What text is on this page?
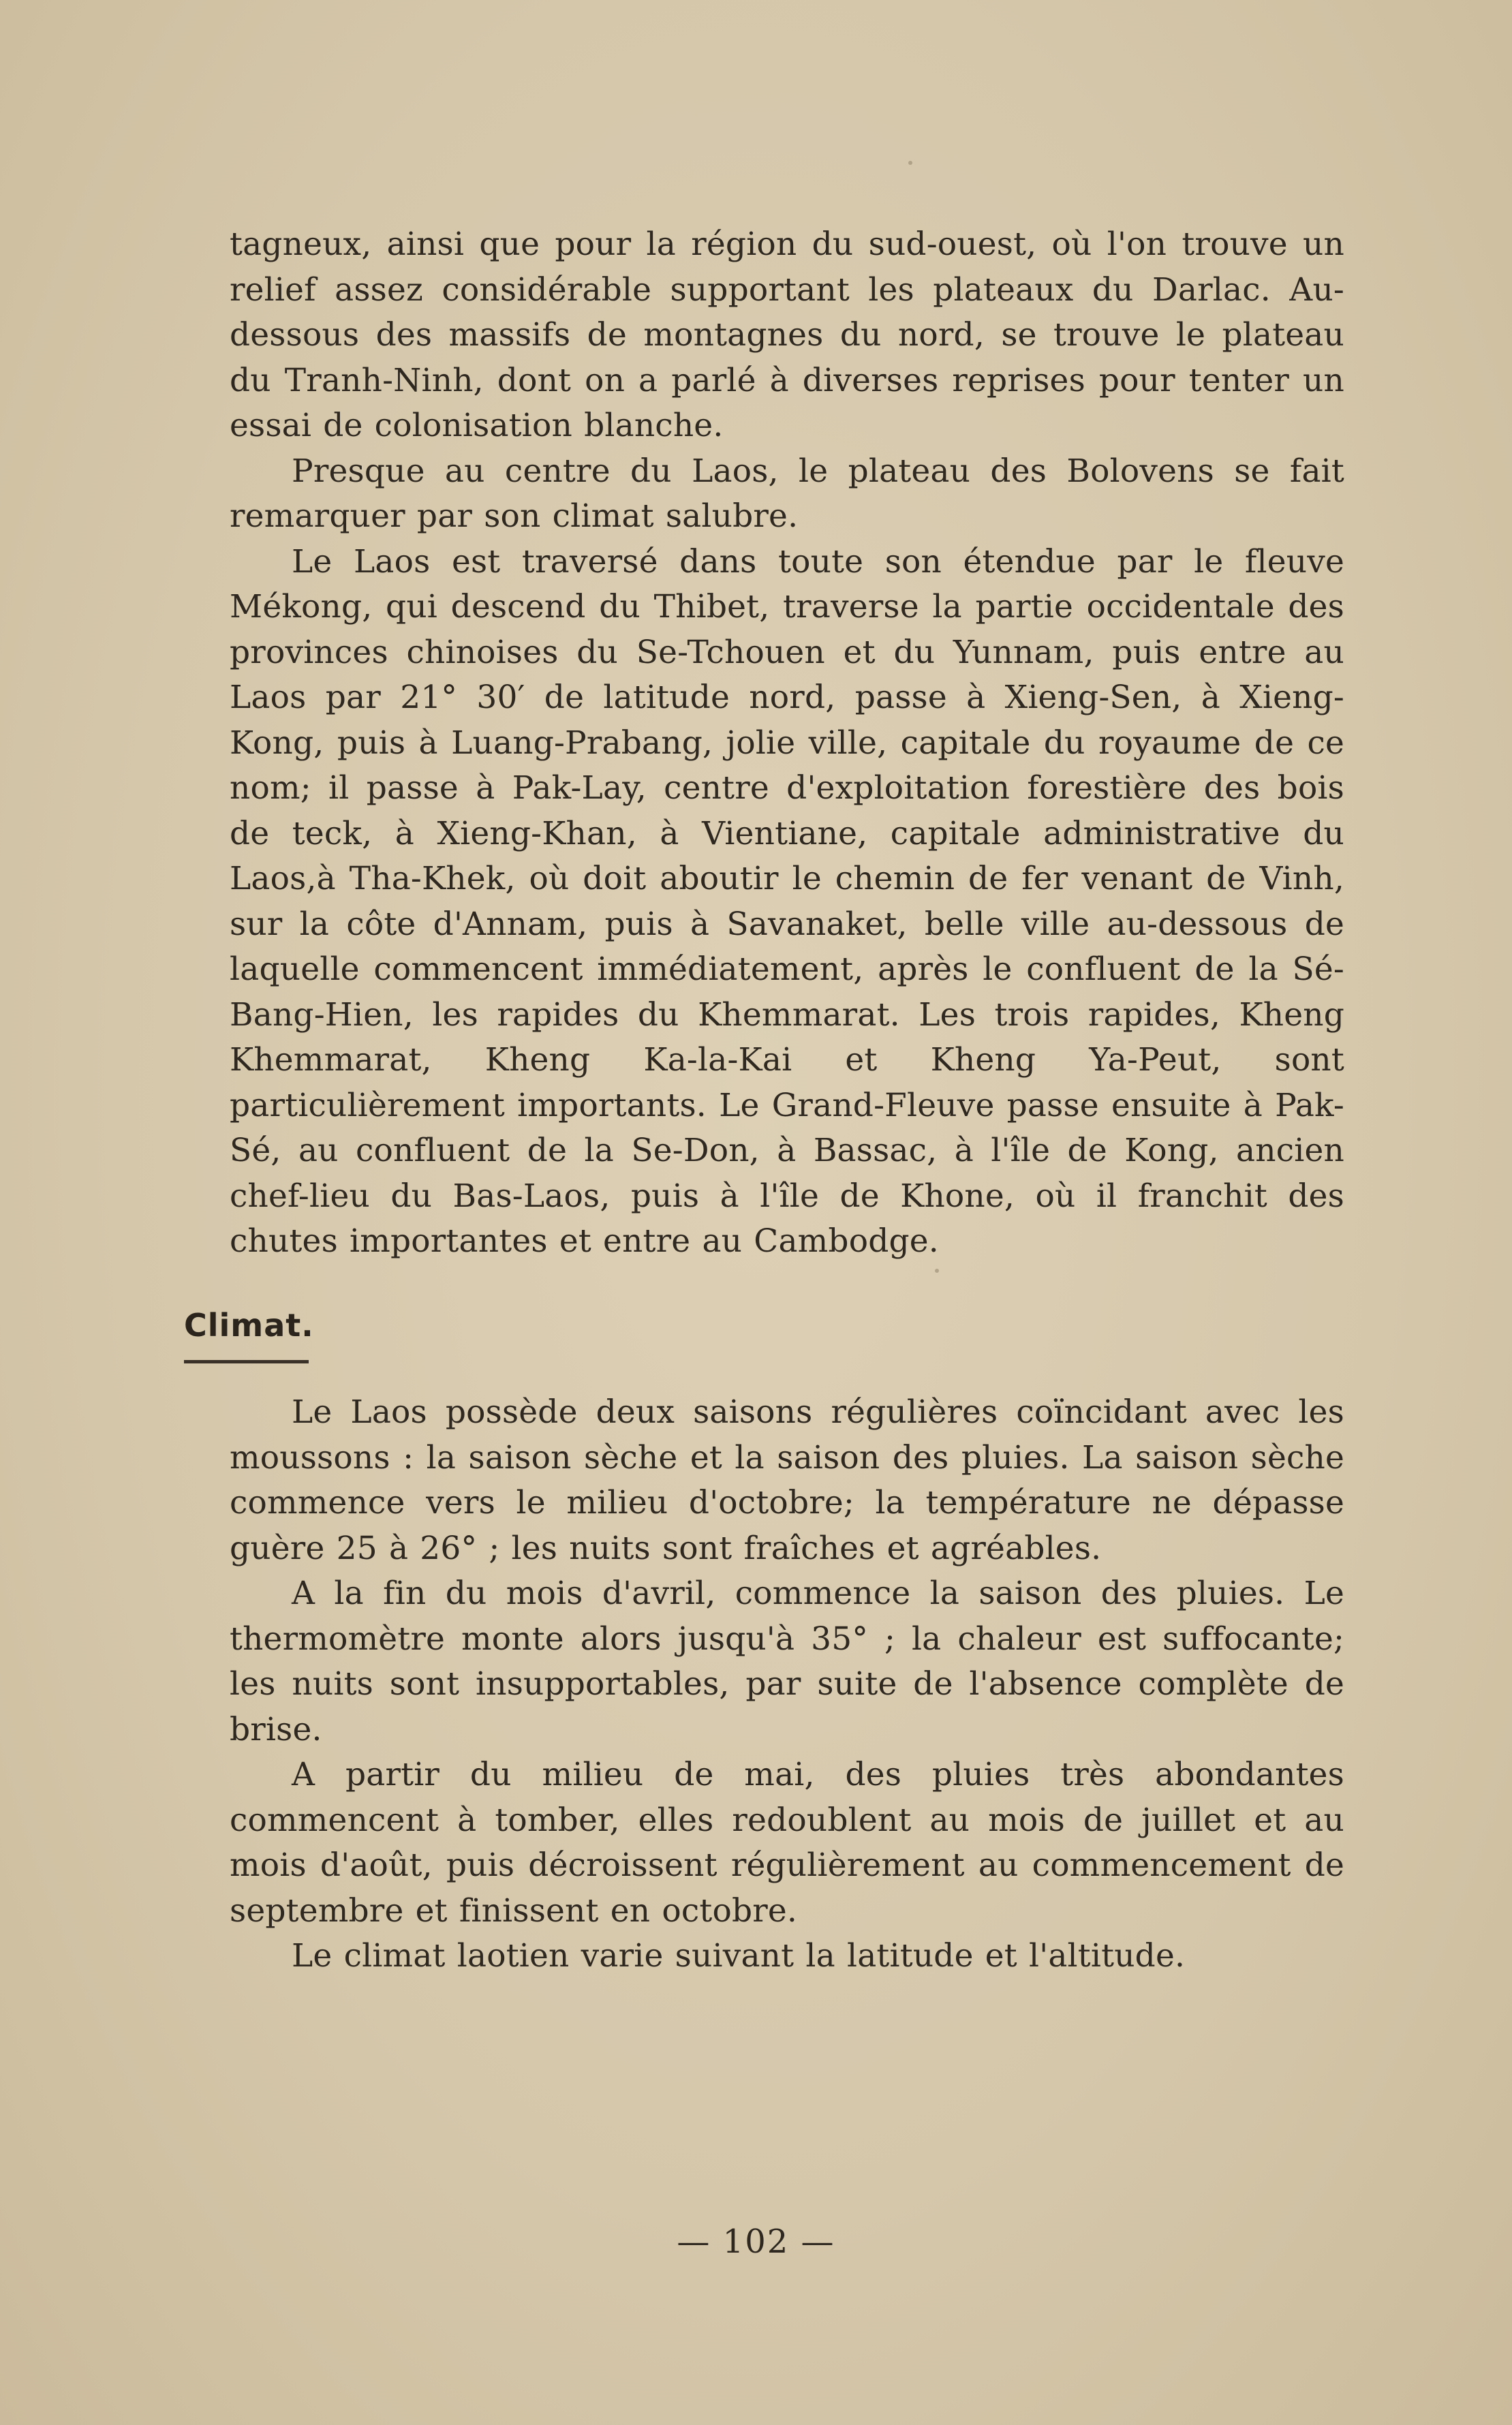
tagneux, ainsi que pour la région du sud-ouest, où l'on trouve un relief assez considérable supportant les plateaux du Darlac. Au-dessous des massifs de montagnes du nord, se trouve le plateau du Tranh-Ninh, dont on a parlé à diverses reprises pour tenter un essai de colonisation blanche.

Presque au centre du Laos, le plateau des Bolovens se fait remarquer par son climat salubre.

Le Laos est traversé dans toute son étendue par le fleuve Mékong, qui descend du Thibet, traverse la partie occidentale des provinces chinoises du Se-Tchouen et du Yunnam, puis entre au Laos par 21° 30′ de latitude nord, passe à Xieng-Sen, à Xieng-Kong, puis à Luang-Prabang, jolie ville, capitale du royaume de ce nom; il passe à Pak-Lay, centre d'exploitation forestière des bois de teck, à Xieng-Khan, à Vientiane, capitale administrative du Laos,à Tha-Khek, où doit aboutir le chemin de fer venant de Vinh, sur la côte d'Annam, puis à Savanaket, belle ville au-dessous de laquelle commencent immédiatement, après le confluent de la Sé-Bang-Hien, les rapides du Khemmarat. Les trois rapides, Kheng Khemmarat, Kheng Ka-la-Kai et Kheng Ya-Peut, sont particulièrement importants. Le Grand-Fleuve passe ensuite à Pak-Sé, au confluent de la Se-Don, à Bassac, à l'île de Kong, ancien chef-lieu du Bas-Laos, puis à l'île de Khone, où il franchit des chutes importantes et entre au Cambodge.

Climat.

Le Laos possède deux saisons régulières coïncidant avec les moussons : la saison sèche et la saison des pluies. La saison sèche commence vers le milieu d'octobre; la température ne dépasse guère 25 à 26° ; les nuits sont fraîches et agréables.

A la fin du mois d'avril, commence la saison des pluies. Le thermomètre monte alors jusqu'à 35° ; la chaleur est suffocante; les nuits sont insupportables, par suite de l'absence complète de brise.

A partir du milieu de mai, des pluies très abondantes commencent à tomber, elles redoublent au mois de juillet et au mois d'août, puis décroissent régulièrement au commencement de septembre et finissent en octobre.

Le climat laotien varie suivant la latitude et l'altitude.

— 102 —
